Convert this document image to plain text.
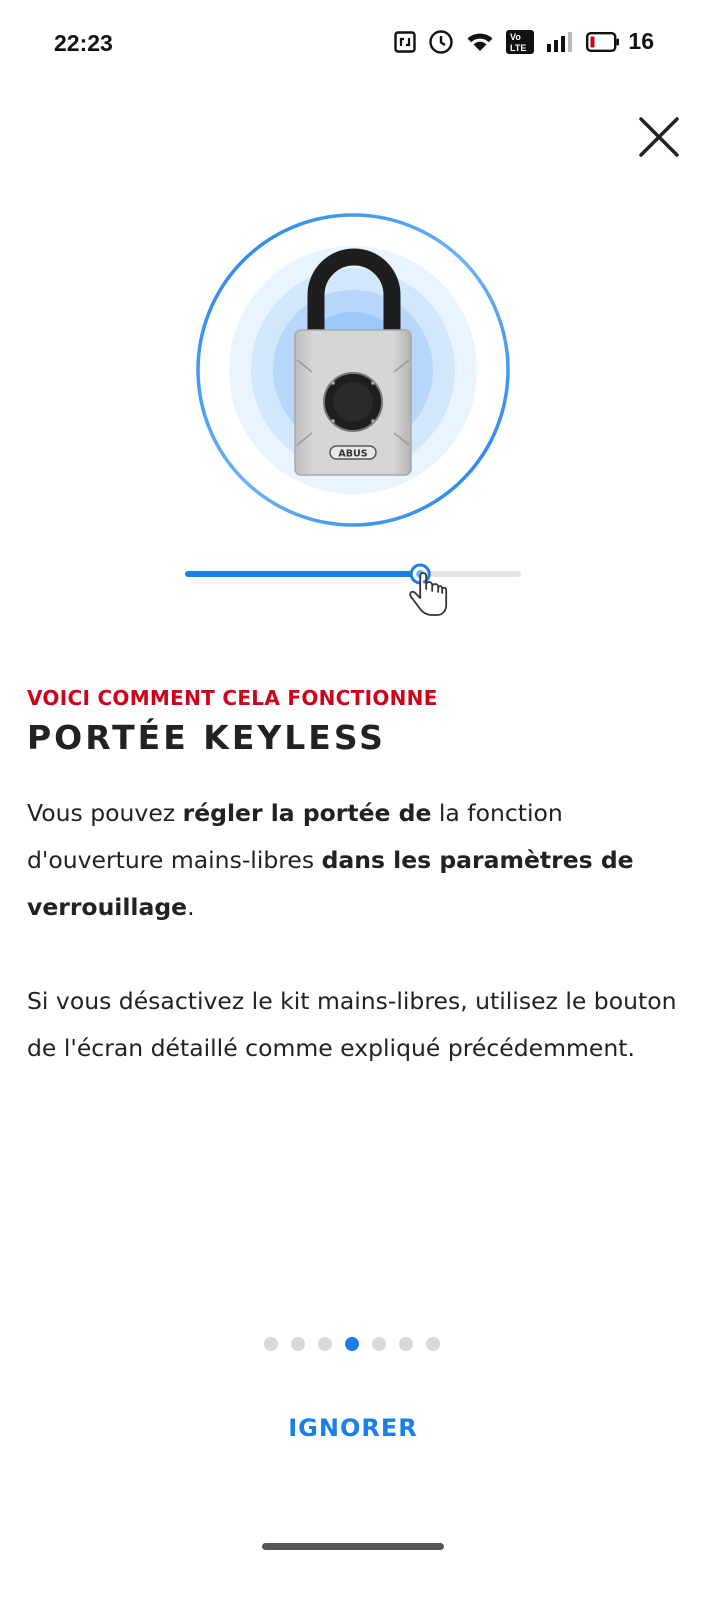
22:23	Vo
LTE	16
ABUS
VOICI COMMENT CELA FONCTIONNE
PORTÉE KEYLESS

Vous pouvez régler la portée de la fonction d'ouverture mains-libres dans les paramètres de verrouillage.

Si vous désactivez le kit mains-libres, utilisez le bouton de l'écran détaillé comme expliqué précédemment.

IGNORER
